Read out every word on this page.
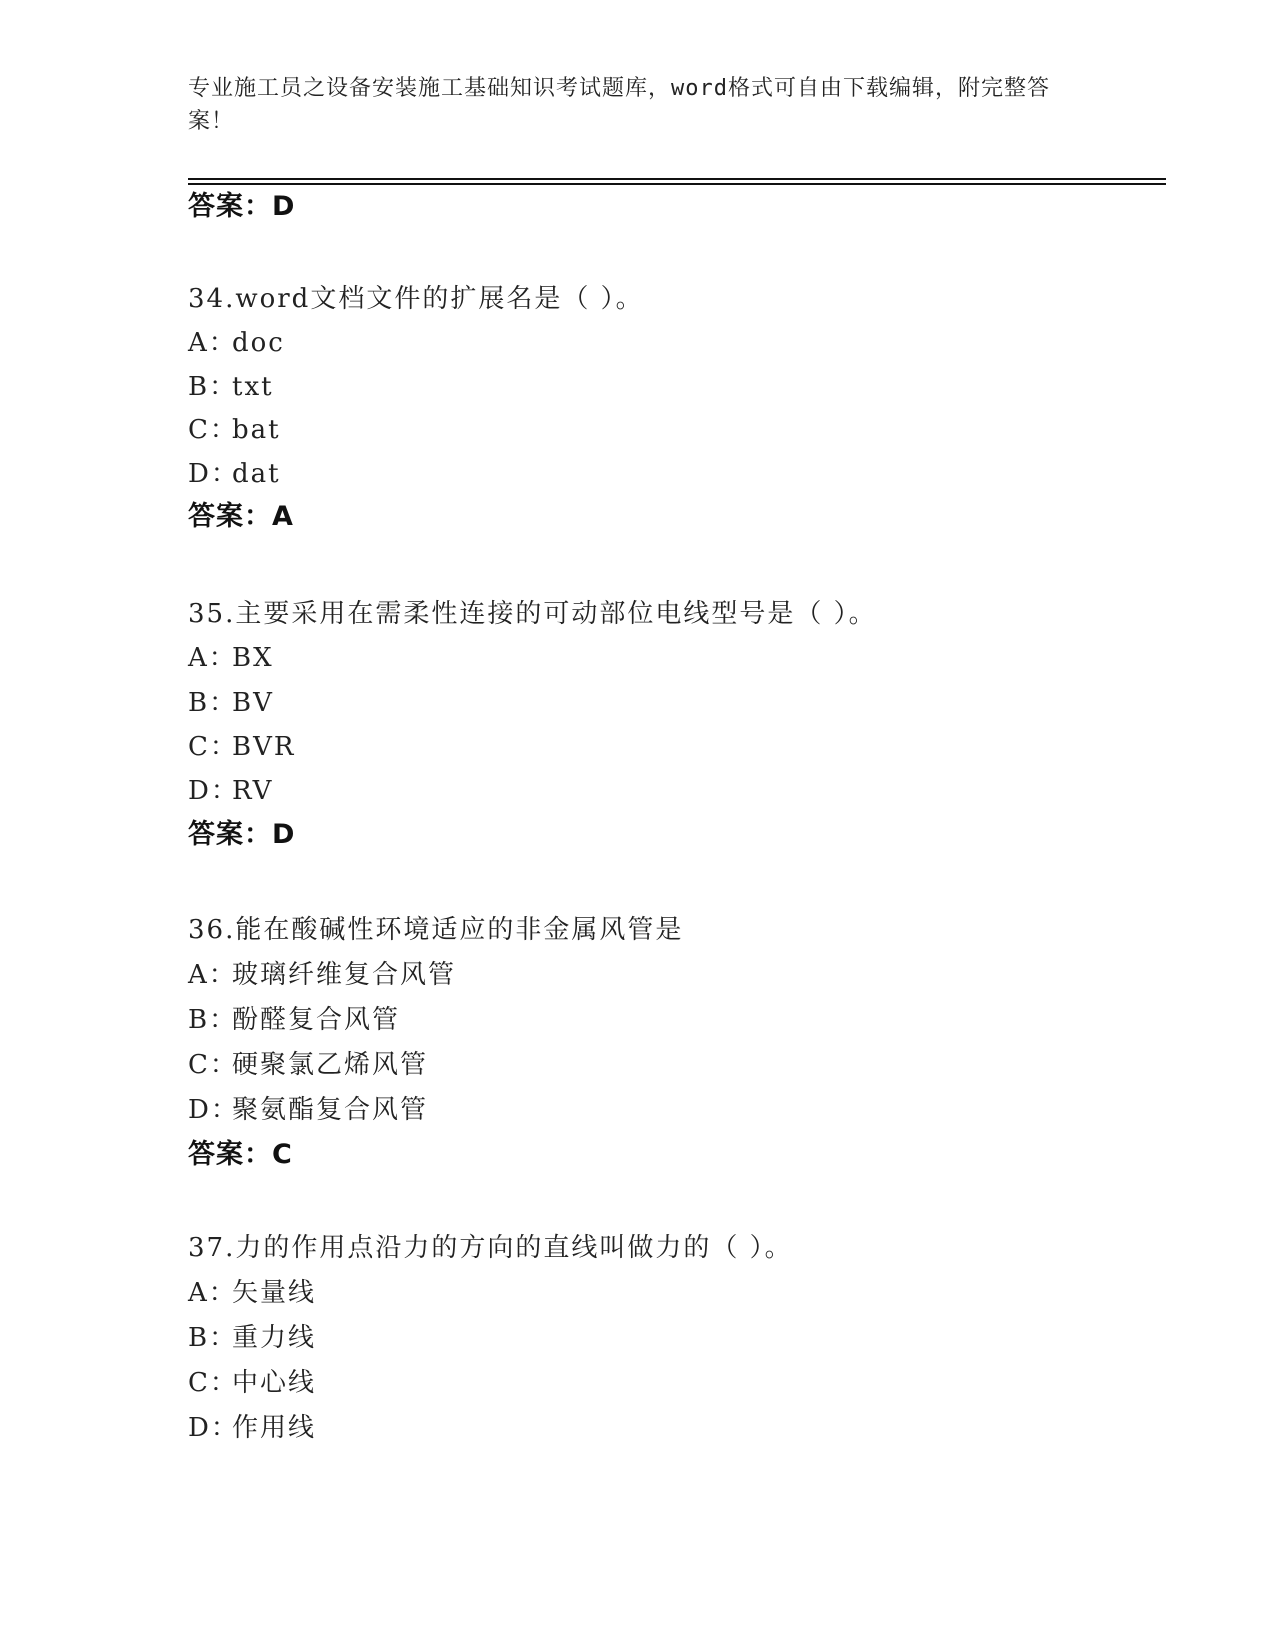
专业施工员之设备安装施工基础知识考试题库，word格式可自由下载编辑，附完整答案！
答案：D
34.word文档文件的扩展名是（ ）。
A：doc
B：txt
C：bat
D：dat
答案：A
35.主要采用在需柔性连接的可动部位电线型号是（ ）。
A：BX
B：BV
C：BVR
D：RV
答案：D
36.能在酸碱性环境适应的非金属风管是
A：玻璃纤维复合风管
B：酚醛复合风管
C：硬聚氯乙烯风管
D：聚氨酯复合风管
答案：C
37.力的作用点沿力的方向的直线叫做力的（ ）。
A：矢量线
B：重力线
C：中心线
D：作用线
